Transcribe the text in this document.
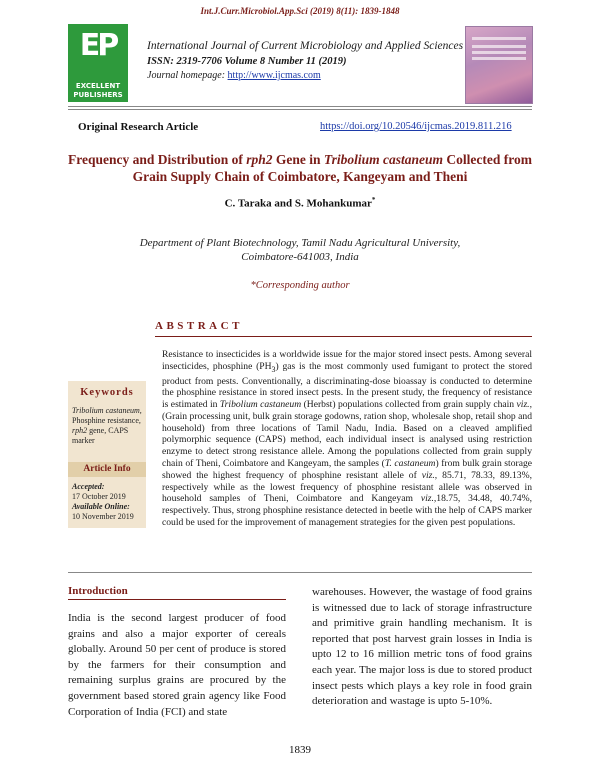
Int.J.Curr.Microbiol.App.Sci (2019) 8(11): 1839-1848
EP
EXCELLENT
PUBLISHERS
International Journal of Current Microbiology and Applied Sciences
ISSN: 2319-7706 Volume 8 Number 11 (2019)
Journal homepage: http://www.ijcmas.com
Original Research Article	https://doi.org/10.20546/ijcmas.2019.811.216
Frequency and Distribution of rph2 Gene in Tribolium castaneum Collected from Grain Supply Chain of Coimbatore, Kangeyam and Theni
C. Taraka and S. Mohankumar*
Department of Plant Biotechnology, Tamil Nadu Agricultural University,
Coimbatore-641003, India
*Corresponding author
ABSTRACT

Resistance to insecticides is a worldwide issue for the major stored insect pests. Among several insecticides, phosphine $(PH_3)$ gas is the most commonly used fumigant to protect the stored product from pests. Conventionally, a discriminating-dose bioassay is conducted to determine the phosphine resistance in stored insect pests. In the present study, the frequency of resistance is estimated in Tribolium castaneum (Herbst) populations collected from grain supply chain viz., (Grain processing unit, bulk grain storage godowns, ration shop, wholesale shop, retail shop and household) from three locations of Tamil Nadu, India. Based on a cleaved amplified polymorphic sequence (CAPS) method, each individual insect is analysed using restriction enzyme to detect strong resistance allele. Among the populations collected from grain supply chain of Theni, Coimbatore and Kangeyam, the samples (T. castaneum) from bulk grain storage showed the highest frequency of phosphine resistant allele of viz., 85.71, 78.33, 89.13%, respectively while as the lowest frequency of phosphine resistant allele was observed in household samples of Theni, Coimbatore and Kangeyam viz.,18.75, 34.48, 40.74%, respectively. Thus, strong phosphine resistance detected in beetle with the help of CAPS marker could be used for the improvement of management strategies for the given pest populations.

Keywords
Tribolium castaneum, Phosphine resistance, rph2 gene, CAPS marker
Article Info
Accepted:
17 October 2019
Available Online:
10 November 2019
Introduction

India is the second largest producer of food grains and also a major exporter of cereals globally. Around 50 per cent of produce is stored by the farmers for their consumption and remaining surplus grains are procured by the government based stored grain agency like Food Corporation of India (FCI) and state

warehouses. However, the wastage of food grains is witnessed due to lack of storage infrastructure and primitive grain handling mechanism. It is reported that post harvest grain losses in India is upto 12 to 16 million metric tons of food grains each year. The major loss is due to stored product insect pests which plays a key role in food grain deterioration and wastage is upto 5-10%.

1839
